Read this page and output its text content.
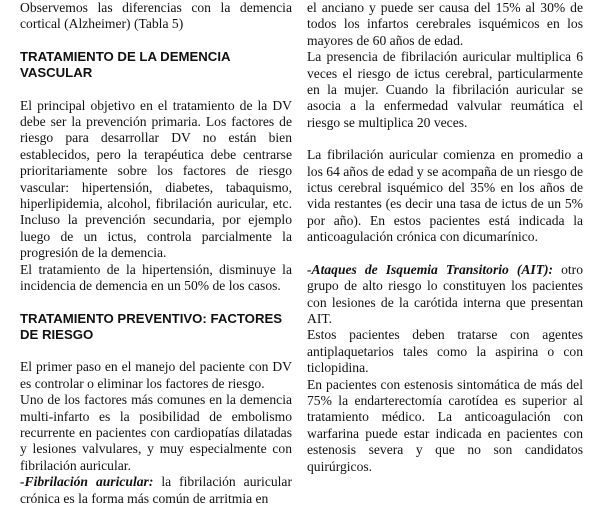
Observemos las diferencias con la demencia cortical (Alzheimer) (Tabla 5)

TRATAMIENTO DE LA DEMENCIA VASCULAR

El principal objetivo en el tratamiento de la DV debe ser la prevención primaria. Los factores de riesgo para desarrollar DV no están bien establecidos, pero la terapéutica debe centrarse prioritariamente sobre los factores de riesgo vascular: hipertensión, diabetes, tabaquismo, hiperlipidemia, alcohol, fibrilación auricular, etc. Incluso la prevención secundaria, por ejemplo luego de un ictus, controla parcialmente la progresión de la demencia.

El tratamiento de la hipertensión, disminuye la incidencia de demencia en un 50% de los casos.

TRATAMIENTO PREVENTIVO: FACTORES DE RIESGO

El primer paso en el manejo del paciente con DV es controlar o eliminar los factores de riesgo.

Uno de los factores más comunes en la demencia multi-infarto es la posibilidad de embolismo recurrente en pacientes con cardiopatías dilatadas y lesiones valvulares, y muy especialmente con fibrilación auricular.

-Fibrilación auricular: la fibrilación auricular crónica es la forma más común de arritmia en

el anciano y puede ser causa del 15% al 30% de todos los infartos cerebrales isquémicos en los mayores de 60 años de edad.

La presencia de fibrilación auricular multiplica 6 veces el riesgo de ictus cerebral, particularmente en la mujer. Cuando la fibrilación auricular se asocia a la enfermedad valvular reumática el riesgo se multiplica 20 veces.

La fibrilación auricular comienza en promedio a los 64 años de edad y se acompaña de un riesgo de ictus cerebral isquémico del 35% en los años de vida restantes (es decir una tasa de ictus de un 5% por año). En estos pacientes está indicada la anticoagulación crónica con dicumarínico.

-Ataques de Isquemia Transitorio (AIT): otro grupo de alto riesgo lo constituyen los pacientes con lesiones de la carótida interna que presentan AIT.

Estos pacientes deben tratarse con agentes antiplaquetarios tales como la aspirina o con ticlopidina.

En pacientes con estenosis sintomática de más del 75% la endarterectomía carotídea es superior al tratamiento médico. La anticoagulación con warfarina puede estar indicada en pacientes con estenosis severa y que no son candidatos quirúrgicos.
